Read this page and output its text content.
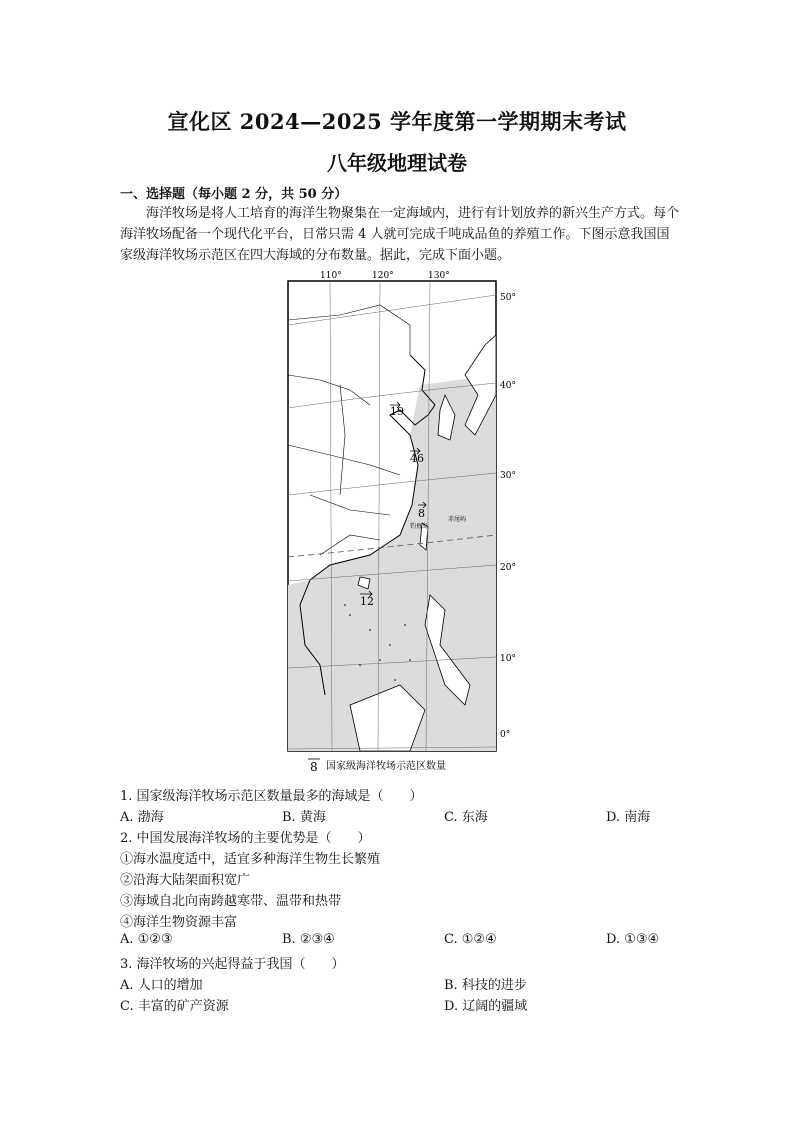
宣化区 2024—2025 学年度第一学期期末考试
八年级地理试卷
一、选择题（每小题 2 分，共 50 分）

海洋牧场是将人工培育的海洋生物聚集在一定海域内，进行有计划放养的新兴生产方式。每个海洋牧场配备一个现代化平台，日常只需 4 人就可完成千吨成品鱼的养殖工作。下图示意我国国家级海洋牧场示范区在四大海域的分布数量。据此，完成下面小题。

110°	120°	130°
50°
40°
30°
20°
10°
0°
19
46
8
12
钓鱼岛
赤尾屿
8 国家级海洋牧场示范区数量
1. 国家级海洋牧场示范区数量最多的海域是（　　）
A. 渤海	B. 黄海	C. 东海	D. 南海
2. 中国发展海洋牧场的主要优势是（　　）
①海水温度适中，适宜多种海洋生物生长繁殖
②沿海大陆架面积宽广
③海域自北向南跨越寒带、温带和热带
④海洋生物资源丰富
A. ①②③	B. ②③④	C. ①②④	D. ①③④
3. 海洋牧场的兴起得益于我国（　　）
A. 人口的增加	B. 科技的进步
C. 丰富的矿产资源	D. 辽阔的疆域
